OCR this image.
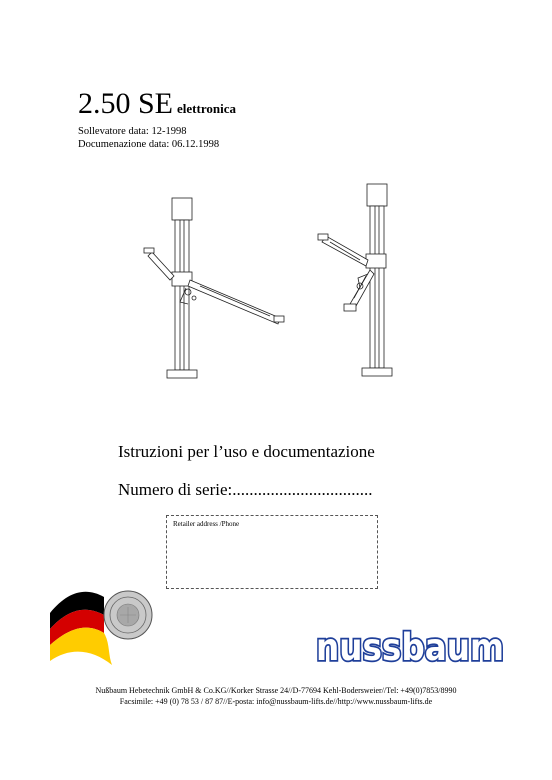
2.50 SE elettronica
Sollevatore data: 12-1998
Documenazione data: 06.12.1998
Istruzioni per l’uso e documentazione
Numero di serie:.................................
Retailer address /Phone
nussbaum
Nußbaum Hebetechnik GmbH & Co.KG//Korker Strasse 24//D-77694 Kehl-Bodersweier//Tel: +49(0)7853/8990
Facsimile: +49 (0) 78 53 / 87 87//E-posta: info@nussbaum-lifts.de//http://www.nussbaum-lifts.de
